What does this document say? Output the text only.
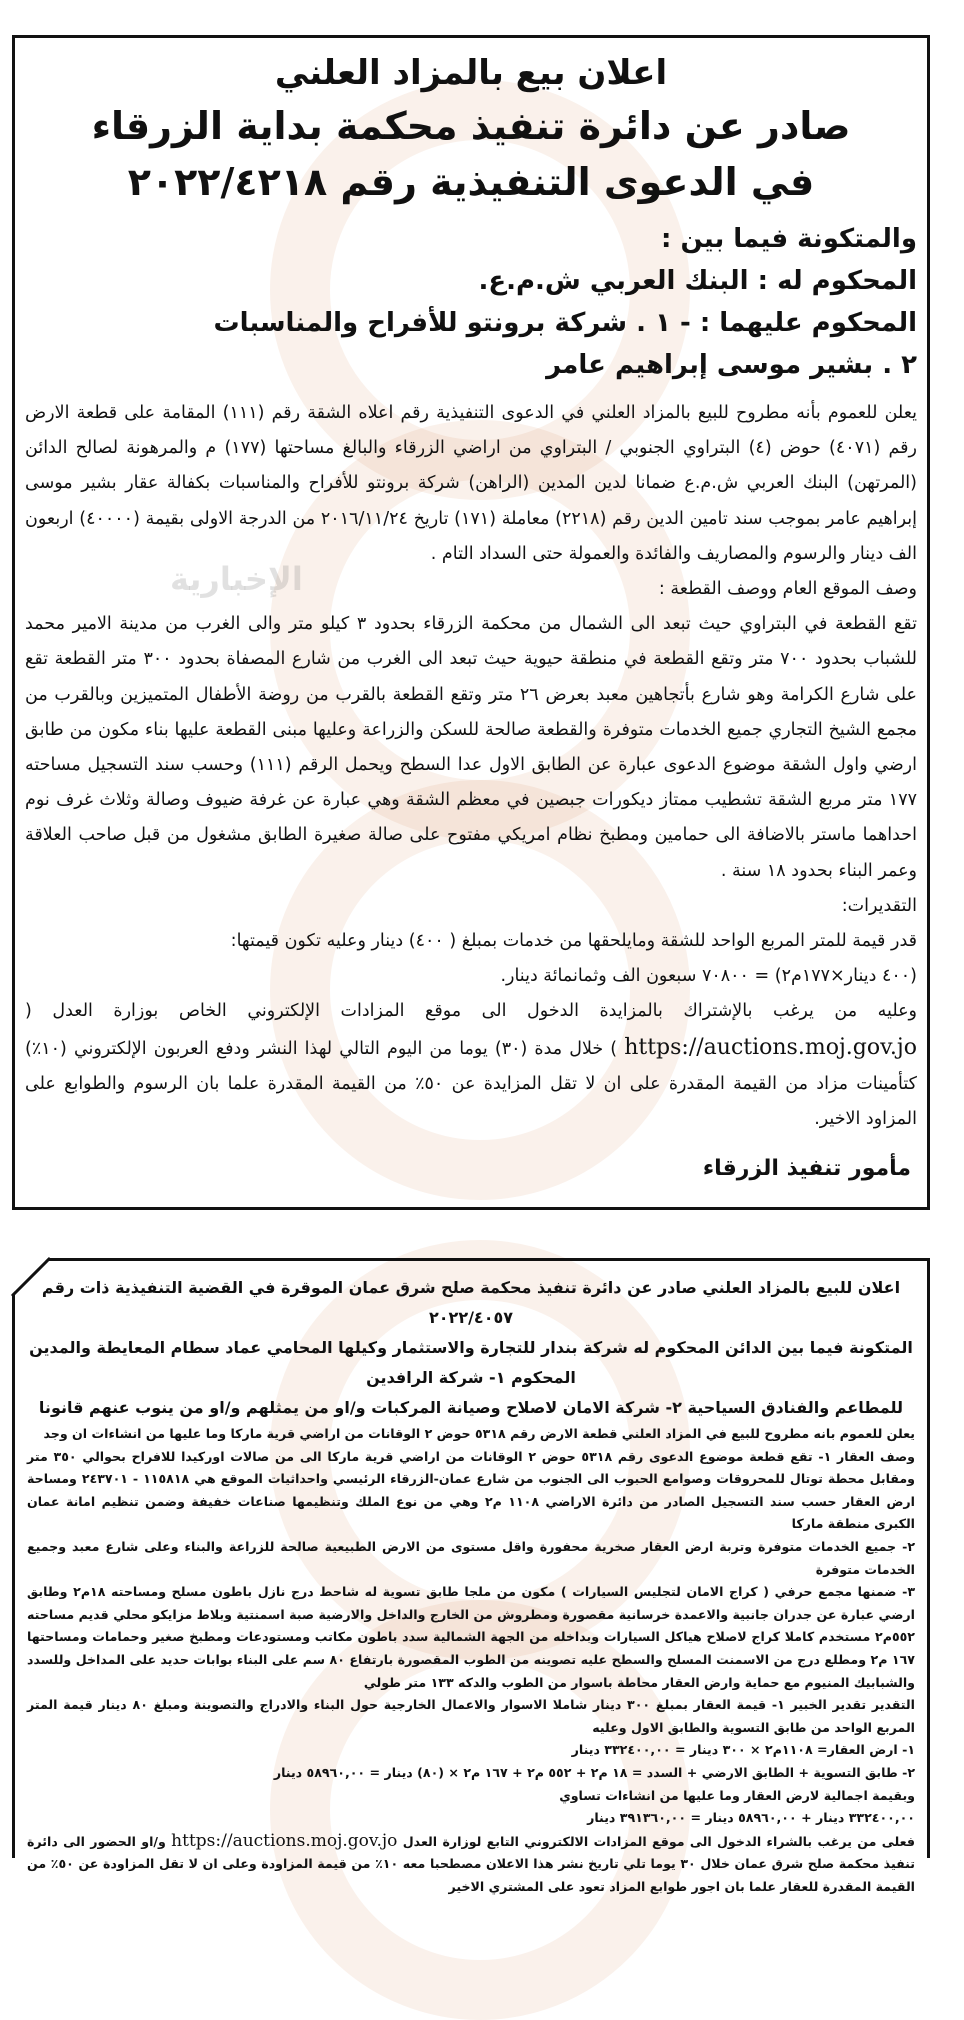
الإخبارية
اعلان بيع بالمزاد العلني
صادر عن دائرة تنفيذ محكمة بداية الزرقاء
في الدعوى التنفيذية رقم ٢٠٢٢/٤٢١٨
والمتكونة فيما بين :
المحكوم له : البنك العربي ش.م.ع.
المحكوم عليهما : - ١ . شركة برونتو للأفراح والمناسبات
٢ . بشير موسى إبراهيم عامر

يعلن للعموم بأنه مطروح للبيع بالمزاد العلني في الدعوى التنفيذية رقم اعلاه الشقة رقم (١١١) المقامة على قطعة الارض رقم (٤٠٧١) حوض (٤) البتراوي الجنوبي / البتراوي من اراضي الزرقاء والبالغ مساحتها (١٧٧) م والمرهونة لصالح الدائن (المرتهن) البنك العربي ش.م.ع ضمانا لدين المدين (الراهن) شركة برونتو للأفراح والمناسبات بكفالة عقار بشير موسى إبراهيم عامر بموجب سند تامين الدين رقم (٢٢١٨) معاملة (١٧١) تاريخ ٢٠١٦/١١/٢٤ من الدرجة الاولى بقيمة (٤٠٠٠٠) اربعون الف دينار والرسوم والمصاريف والفائدة والعمولة حتى السداد التام .

وصف الموقع العام ووصف القطعة :

تقع القطعة في البتراوي حيث تبعد الى الشمال من محكمة الزرقاء بحدود ٣ كيلو متر والى الغرب من مدينة الامير محمد للشباب بحدود ٧٠٠ متر وتقع القطعة في منطقة حيوية حيث تبعد الى الغرب من شارع المصفاة بحدود ٣٠٠ متر القطعة تقع على شارع الكرامة وهو شارع بأتجاهين معبد بعرض ٢٦ متر وتقع القطعة بالقرب من روضة الأطفال المتميزين وبالقرب من مجمع الشيخ التجاري جميع الخدمات متوفرة والقطعة صالحة للسكن والزراعة وعليها مبنى القطعة عليها بناء مكون من طابق ارضي واول الشقة موضوع الدعوى عبارة عن الطابق الاول عدا السطح ويحمل الرقم (١١١) وحسب سند التسجيل مساحته ١٧٧ متر مربع الشقة تشطيب ممتاز ديكورات جبصين في معظم الشقة وهي عبارة عن غرفة ضيوف وصالة وثلاث غرف نوم احداهما ماستر بالاضافة الى حمامين ومطبخ نظام امريكي مفتوح على صالة صغيرة الطابق مشغول من قبل صاحب العلاقة وعمر البناء بحدود ١٨ سنة .

التقديرات:

قدر قيمة للمتر المربع الواحد للشقة ومايلحقها من خدمات بمبلغ ( ٤٠٠) دينار وعليه تكون قيمتها:

(٤٠٠ دينار×١٧٧م٢) = ٧٠٨٠٠ سبعون الف وثمانمائة دينار.

وعليه من يرغب بالإشتراك بالمزايدة الدخول الى موقع المزادات الإلكتروني الخاص بوزارة العدل ( https://auctions.moj.gov.jo ) خلال مدة (٣٠) يوما من اليوم التالي لهذا النشر ودفع العربون الإلكتروني (١٠٪) كتأمينات مزاد من القيمة المقدرة على ان لا تقل المزايدة عن ٥٠٪ من القيمة المقدرة علما بان الرسوم والطوابع على المزاود الاخير.

مأمور تنفيذ الزرقاء
اعلان للبيع بالمزاد العلني صادر عن دائرة تنفيذ محكمة صلح شرق عمان الموقرة في القضية التنفيذية ذات رقم ٢٠٢٢/٤٠٥٧
المتكونة فيما بين الدائن المحكوم له شركة بندار للتجارة والاستثمار وكيلها المحامي عماد سطام المعايطة والمدين المحكوم ١- شركة الرافدين
للمطاعم والفنادق السياحية ٢- شركة الامان لاصلاح وصيانة المركبات و/او من يمثلهم و/او من ينوب عنهم قانونا

يعلن للعموم بانه مطروح للبيع في المزاد العلني قطعة الارض رقم ٥٣١٨ حوض ٢ الوقانات من اراضي قرية ماركا وما عليها من انشاءات ان وجد

وصف العقار ١- تقع قطعة موضوع الدعوى رقم ٥٣١٨ حوض ٢ الوقانات من اراضي قرية ماركا الى من صالات اوركيدا للافراح بحوالي ٣٥٠ متر ومقابل محطة توتال للمحروقات وصوامع الحبوب الى الجنوب من شارع عمان-الزرقاء الرئيسي واحداثيات الموقع هي ١١٥٨١٨ - ٢٤٣٧٠١ ومساحة ارض العقار حسب سند التسجيل الصادر من دائرة الاراضي ١١٠٨ م٢ وهي من نوع الملك وتنظيمها صناعات خفيفة وضمن تنظيم امانة عمان الكبرى منطقة ماركا

٢- جميع الخدمات متوفرة وتربة ارض العقار صخرية محفورة واقل مستوى من الارض الطبيعية صالحة للزراعة والبناء وعلى شارع معبد وجميع الخدمات متوفرة

٣- ضمنها مجمع حرفي ( كراج الامان لتجليس السيارات ) مكون من ملجا طابق تسوية له شاحط درج نازل باطون مسلح ومساحته ١٨م٢ وطابق ارضي عبارة عن جدران جانبية والاعمدة خرسانية مقصورة ومطروش من الخارج والداخل والارضية صبة اسمنتية وبلاط مزايكو محلي قديم مساحته ٥٥٢م٢ مستخدم كاملا كراج لاصلاح هياكل السيارات وبداخله من الجهة الشمالية سدد باطون مكاتب ومستودعات ومطبخ صغير وحمامات ومساحتها ١٦٧ م٢ ومطلع درج من الاسمنت المسلح والسطح عليه تصوينه من الطوب المقصورة بارتفاع ٨٠ سم على البناء بوابات حديد على المداخل وللسدد والشبابيك المنيوم مع حماية وارض العقار محاطة باسوار من الطوب والدكه ١٣٣ متر طولي

التقدير تقدير الخبير ١- قيمة العقار بمبلغ ٣٠٠ دينار شاملا الاسوار والاعمال الخارجية حول البناء والادراج والتصوينة ومبلغ ٨٠ دينار قيمة المتر المربع الواحد من طابق التسوية والطابق الاول وعليه

١- ارض العقار= ١١٠٨م٢ × ٣٠٠ دينار = ٣٣٢٤٠٠,٠٠ دينار

٢- طابق التسوية + الطابق الارضي + السدد = ١٨ م٢ + ٥٥٢ م٢ + ١٦٧ م٢ × (٨٠) دينار = ٥٨٩٦٠,٠٠ دينار

وبقيمة اجمالية لارض العقار وما عليها من انشاءات تساوي

٣٣٢٤٠٠,٠٠ دينار + ٥٨٩٦٠,٠٠ دينار = ٣٩١٣٦٠,٠٠ دينار

فعلى من يرغب بالشراء الدخول الى موقع المزادات الالكتروني التابع لوزارة العدل https://auctions.moj.gov.jo و/او الحضور الى دائرة تنفيذ محكمة صلح شرق عمان خلال ٣٠ يوما تلي تاريخ نشر هذا الاعلان مصطحبا معه ١٠٪ من قيمة المزاودة وعلى ان لا تقل المزاودة عن ٥٠٪ من القيمة المقدرة للعقار علما بان اجور طوابع المزاد تعود على المشتري الاخير
